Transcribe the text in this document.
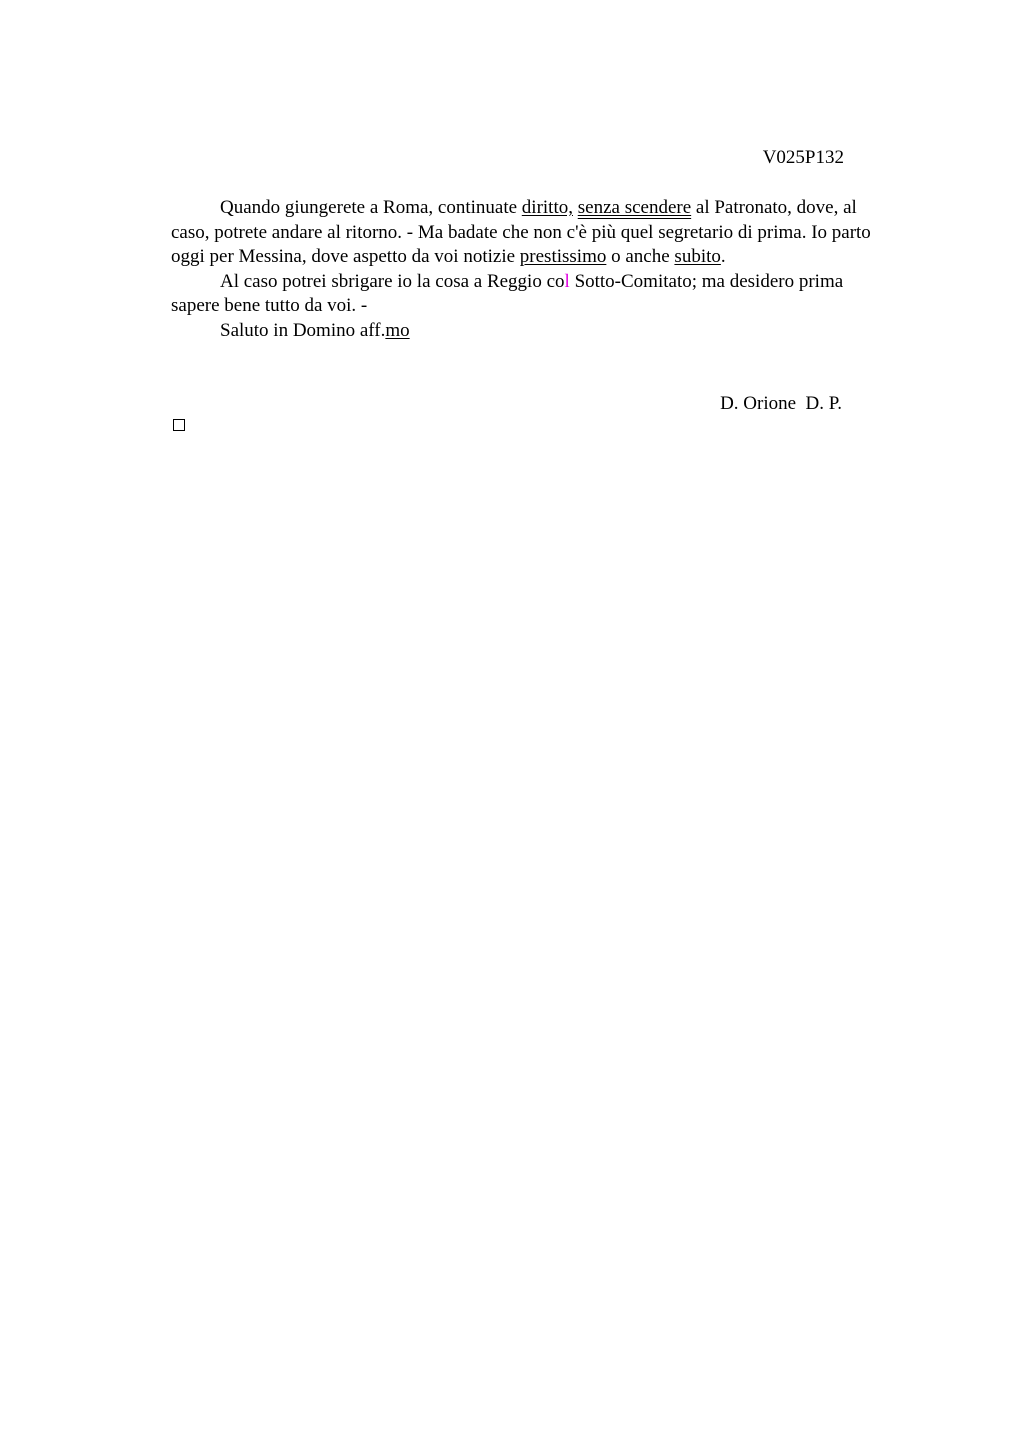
V025P132

Quando giungerete a Roma, continuate diritto, senza scendere al Patronato, dove, al caso, potrete andare al ritorno. - Ma badate che non c'è più quel segretario di prima. Io parto oggi per Messina, dove aspetto da voi notizie prestissimo o anche subito.

Al caso potrei sbrigare io la cosa a Reggio col Sotto-Comitato; ma desidero prima sapere bene tutto da voi. -

Saluto in Domino aff.mo

D. Orione  D. P.
